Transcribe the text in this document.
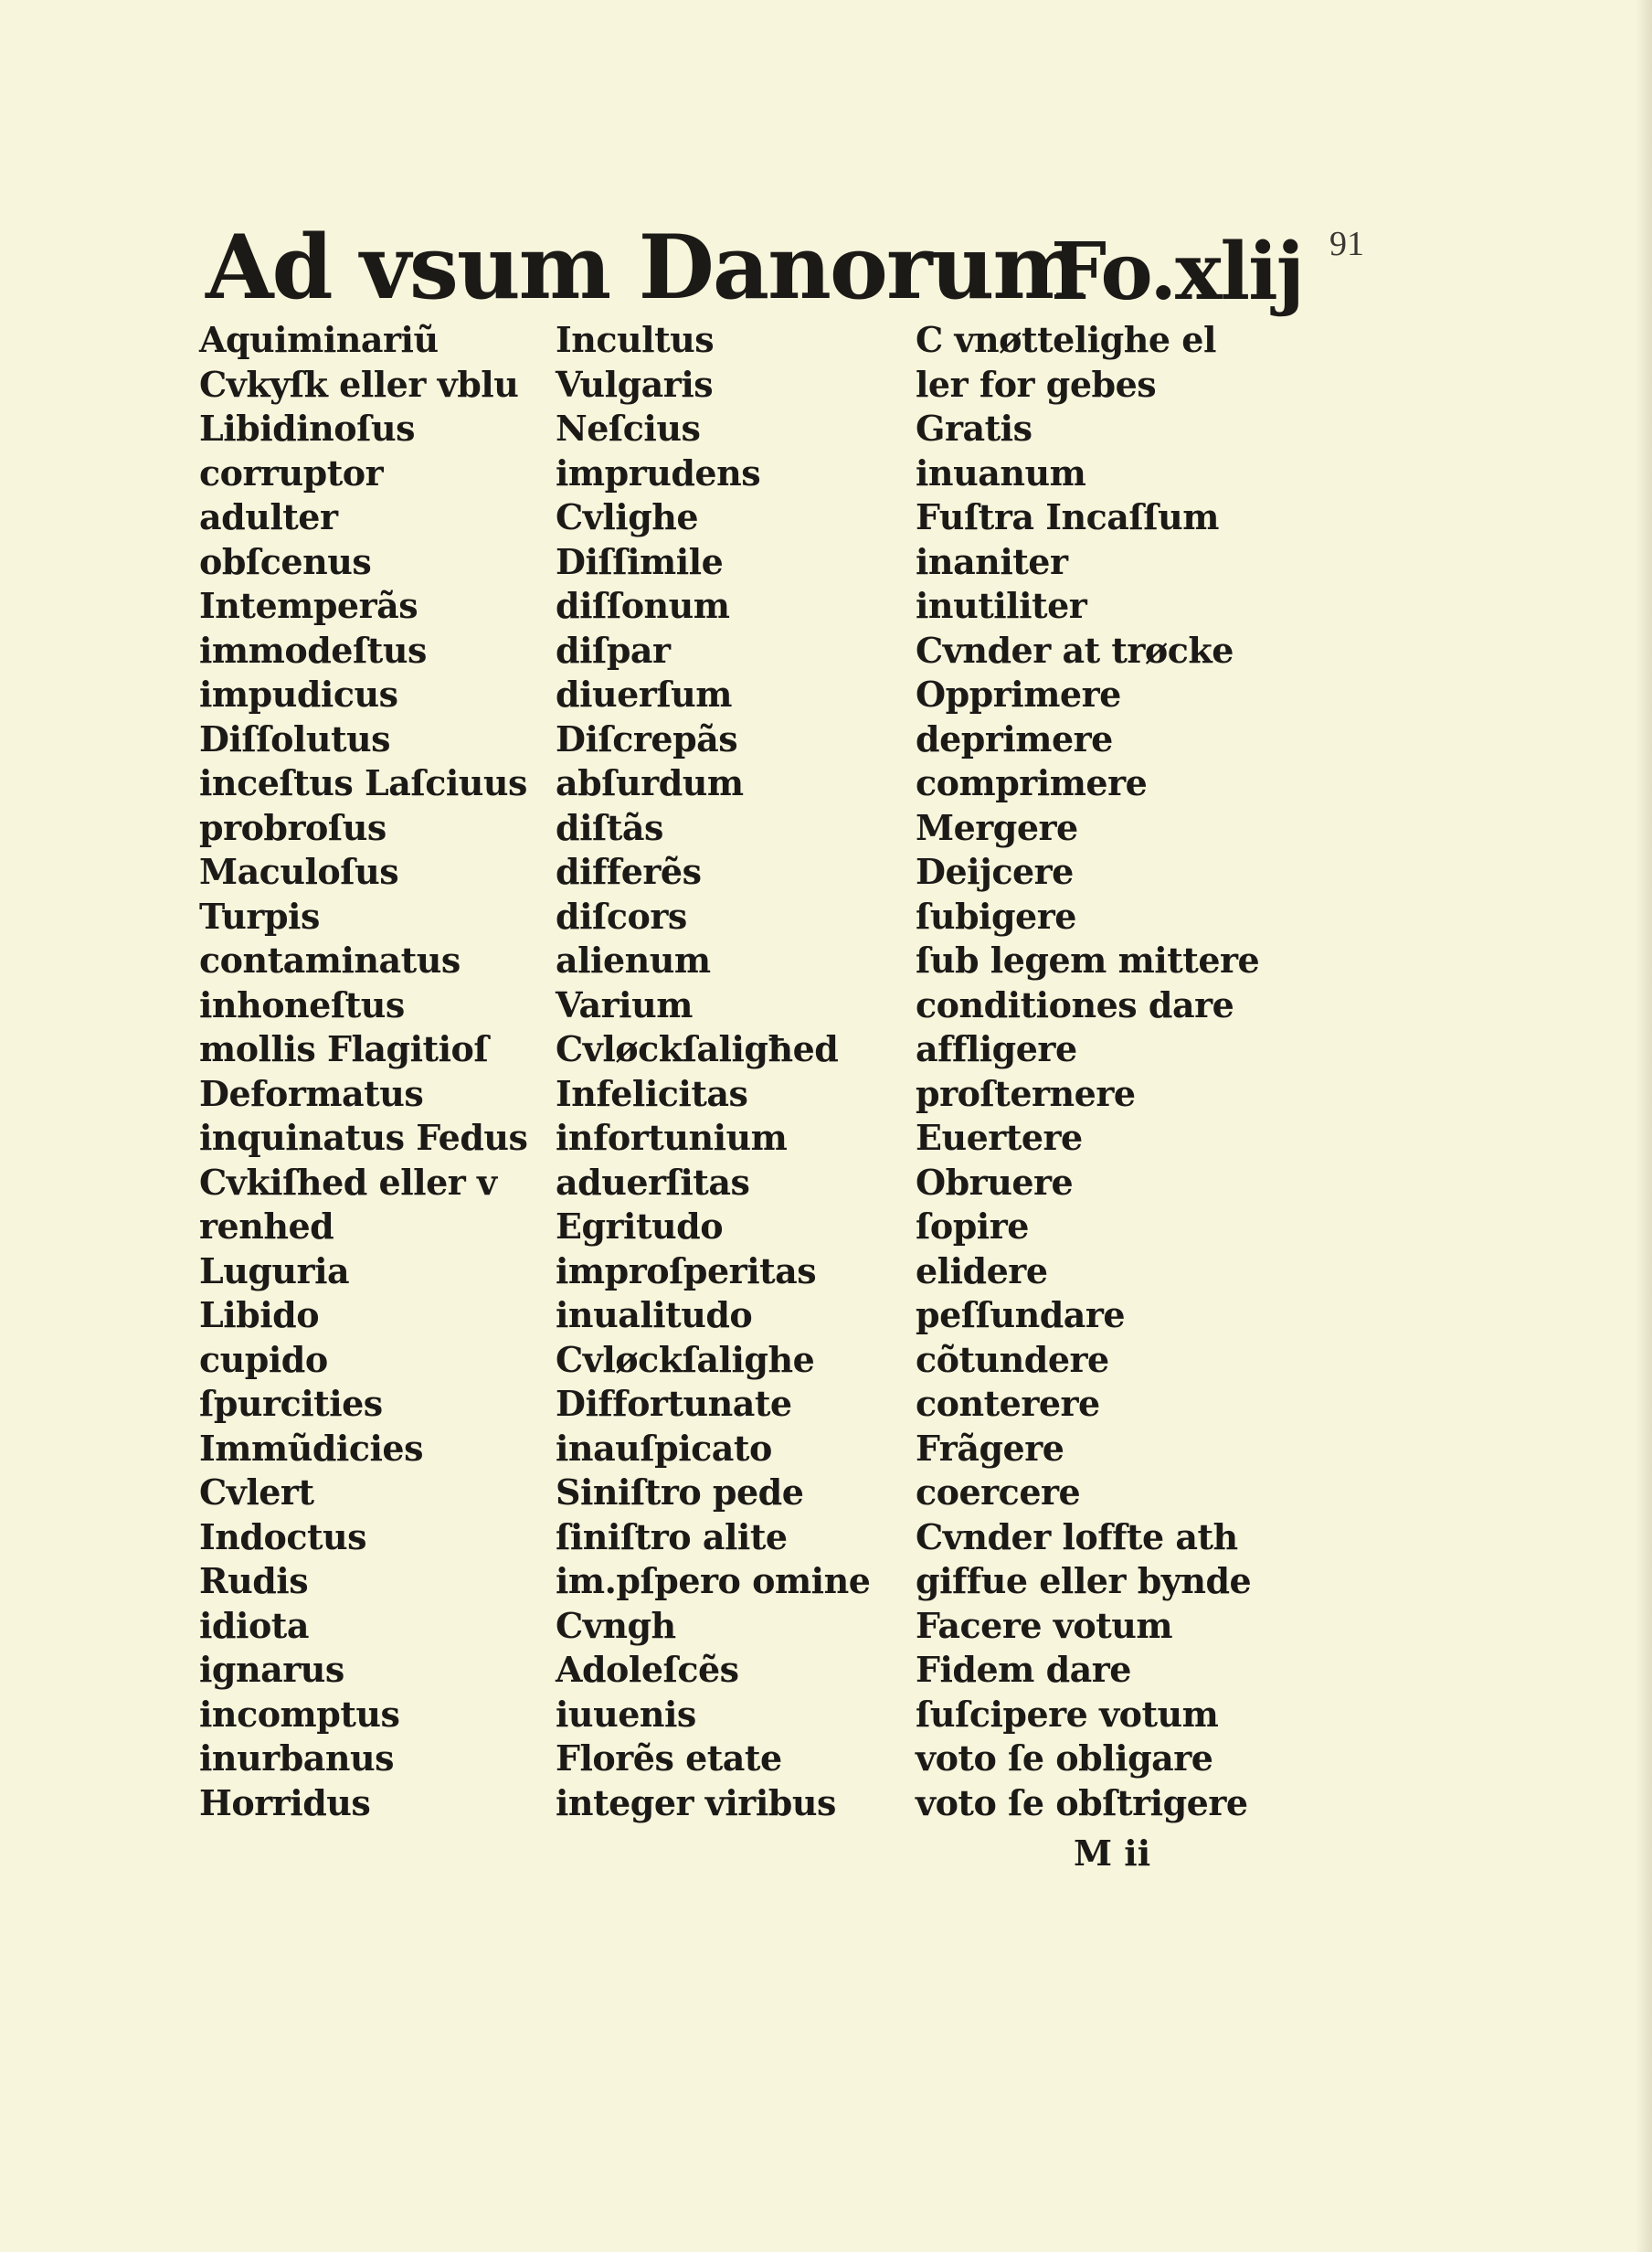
91
Ad vsum Danorum
Fo.xlij
Aquiminariũ
Cvkyſk eller vblu
Libidinoſus
corruptor
adulter
obſcenus
Intemperãs
immodeſtus
impudicus
Diſſolutus
inceſtus Laſciuus
probroſus
Maculoſus
Turpis
contaminatus
inhoneſtus
mollis Flagitioſ
Deformatus
inquinatus Fedus
Cvkiſhed eller v
renhed
Luguria
Libido
cupido
ſpurcities
Immũdicies
Cvlert
Indoctus
Rudis
idiota
ignarus
incomptus
inurbanus
Horridus
Incultus
Vulgaris
Neſcius
imprudens
Cvlighe
Diſſimile
diſſonum
diſpar
diuerſum
Diſcrepãs
abſurdum
diſtãs
differẽs
diſcors
alienum
Varium
Cvløckſaligħed
Infelicitas
infortunium
aduerſitas
Egritudo
improſperitas
inualitudo
Cvløckſalighe
Diffortunate
inauſpicato
Siniſtro pede
ſiniſtro alite
im.pſpero omine
Cvngh
Adoleſcẽs
iuuenis
Florẽs etate
integer viribus
C vnøttelighe el
ler for gebes
Gratis
inuanum
Fuſtra Incaſſum
inaniter
inutiliter
Cvnder at trøcke
Opprimere
deprimere
comprimere
Mergere
Deijcere
ſubigere
ſub legem mittere
conditiones dare
affligere
proſternere
Euertere
Obruere
ſopire
elidere
peſſundare
cõtundere
conterere
Frãgere
coercere
Cvnder loffte ath
giffue eller bynde
Facere votum
Fidem dare
ſuſcipere votum
voto ſe obligare
voto ſe obſtrigere
M ii
